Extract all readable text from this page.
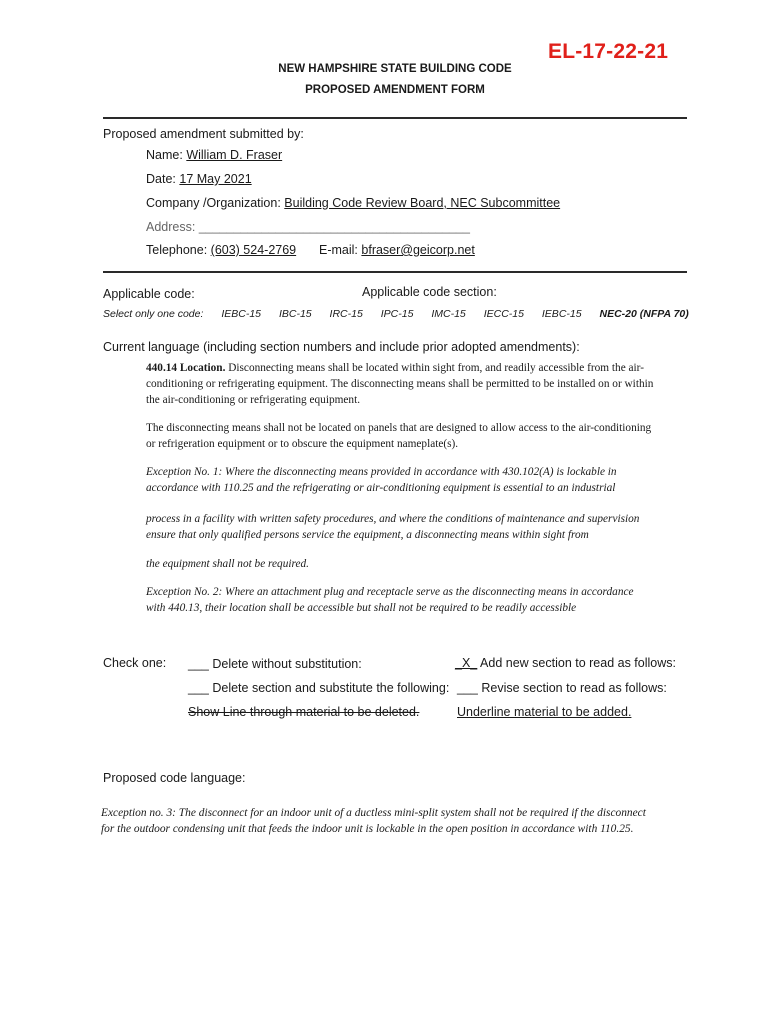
EL-17-22-21
NEW HAMPSHIRE STATE BUILDING CODE
PROPOSED AMENDMENT FORM
Proposed amendment submitted by:
Name: William D. Fraser
Date: 17 May 2021
Company /Organization: Building Code Review Board, NEC Subcommittee
Address: _______________________________________
Telephone: (603) 524-2769 E-mail: bfraser@geicorp.net
Applicable code:	Applicable code section:
Select only one code: IEBC-15 IBC-15 IRC-15 IPC-15 IMC-15 IECC-15 IEBC-15 NEC-20 (NFPA 70)
Current language (including section numbers and include prior adopted amendments):
440.14 Location. Disconnecting means shall be located within sight from, and readily accessible from the air-
conditioning or refrigerating equipment. The disconnecting means shall be permitted to be installed on or within
the air-conditioning or refrigerating equipment.
The disconnecting means shall not be located on panels that are designed to allow access to the air-conditioning
or refrigeration equipment or to obscure the equipment nameplate(s).
Exception No. 1: Where the disconnecting means provided in accordance with 430.102(A) is lockable in
accordance with 110.25 and the refrigerating or air-conditioning equipment is essential to an industrial
process in a facility with written safety procedures, and where the conditions of maintenance and supervision
ensure that only qualified persons service the equipment, a disconnecting means within sight from
the equipment shall not be required.
Exception No. 2: Where an attachment plug and receptacle serve as the disconnecting means in accordance
with 440.13, their location shall be accessible but shall not be required to be readily accessible
Check one: ___ Delete without substitution:
___ Delete section and substitute the following:
_X_ Add new section to read as follows:
___ Revise section to read as follows:
Show Line through material to be deleted.	Underline material to be added.
Proposed code language:
Exception no. 3: The disconnect for an indoor unit of a ductless mini-split system shall not be required if the disconnect
for the outdoor condensing unit that feeds the indoor unit is lockable in the open position in accordance with 110.25.
